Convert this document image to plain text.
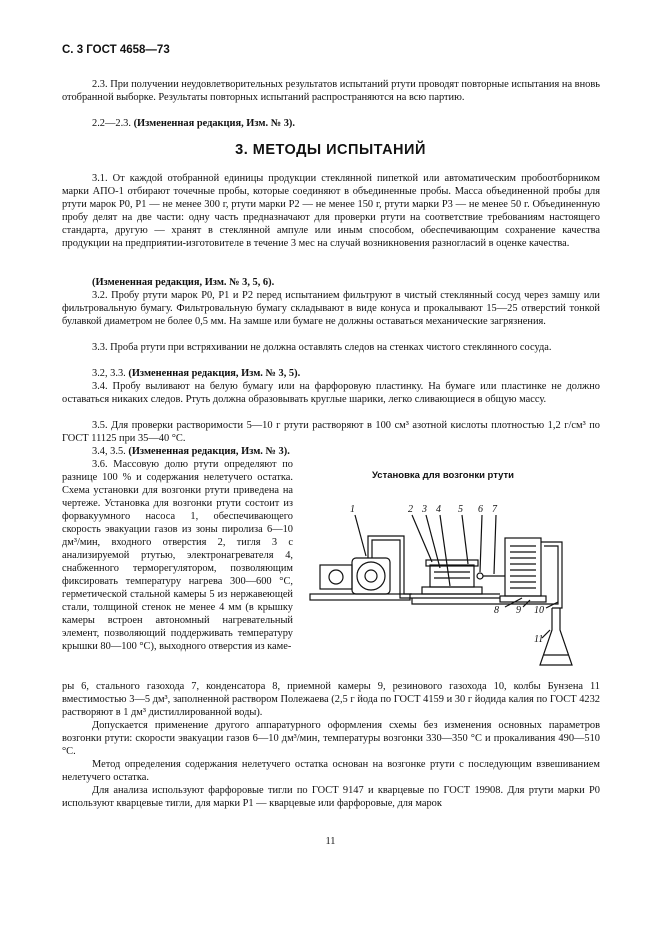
С. 3 ГОСТ 4658—73

2.3. При получении неудовлетворительных результатов испытаний ртути проводят повторные испытания на вновь отобранной выборке. Результаты повторных испытаний распространяются на всю партию.

2.2—2.3. (Измененная редакция, Изм. № 3).

3. МЕТОДЫ ИСПЫТАНИЙ

3.1. От каждой отобранной единицы продукции стеклянной пипеткой или автоматическим пробоотборником марки АПО-1 отбирают точечные пробы, которые соединяют в объединенные пробы. Масса объединенной пробы для ртути марок Р0, Р1 — не менее 300 г, ртути марки Р2 — не менее 150 г, ртути марки Р3 — не менее 50 г. Объединенную пробу делят на две части: одну часть предназначают для проверки ртути на соответствие требованиям настоящего стандарта, другую — хранят в стеклянной ампуле или иным способом, обеспечивающим сохранение качества продукции на предприятии-изготовителе в течение 3 мес на случай возникновения разногласий в оценке качества.

(Измененная редакция, Изм. № 3, 5, 6).

3.2. Пробу ртути марок Р0, Р1 и Р2 перед испытанием фильтруют в чистый стеклянный сосуд через замшу или фильтровальную бумагу. Фильтровальную бумагу складывают в виде конуса и прокалывают 15—25 отверстий тонкой булавкой диаметром не более 0,5 мм. На замше или бумаге не должны оставаться механические загрязнения.

3.3. Проба ртути при встряхивании не должна оставлять следов на стенках чистого стеклянного сосуда.

3.2, 3.3. (Измененная редакция, Изм. № 3, 5).

3.4. Пробу выливают на белую бумагу или на фарфоровую пластинку. На бумаге или пластинке не должно оставаться никаких следов. Ртуть должна образовывать круглые шарики, легко сливающиеся в общую массу.

3.5. Для проверки растворимости 5—10 г ртути растворяют в 100 см³ азотной кислоты плотностью 1,2 г/см³ по ГОСТ 11125 при 35—40 °С.

3.4, 3.5. (Измененная редакция, Изм. № 3).

3.6. Массовую долю ртути определяют по разнице 100 % и содержания нелетучего остатка. Схема установки для возгонки ртути приведена на чертеже. Установка для возгонки ртути состоит из форвакуумного насоса 1, обеспечивающего скорость эвакуации газов из зоны пиролиза 6—10 дм³/мин, входного отверстия 2, тигля 3 с анализируемой ртутью, электронагревателя 4, снабженного терморегулятором, позволяющим фиксировать температуру нагрева 300—600 °С, герметической стальной камеры 5 из нержавеющей стали, толщиной стенок не менее 4 мм (в крышку камеры встроен автономный нагревательный элемент, позволяющий поддерживать температуру крышки 80—100 °С), выходного отверстия из каме-

Установка для возгонки ртути
1	2 3 4 5 6 7
8 9 10
11

ры 6, стального газохода 7, конденсатора 8, приемной камеры 9, резинового газохода 10, колбы Бунзена 11 вместимостью 3—5 дм³, заполненной раствором Полежаева (2,5 г йода по ГОСТ 4159 и 30 г йодида калия по ГОСТ 4232 растворяют в 1 дм³ дистиллированной воды).

Допускается применение другого аппаратурного оформления схемы без изменения основных параметров возгонки ртути: скорости эвакуации газов 6—10 дм³/мин, температуры возгонки 330—350 °С и прокаливания 490—510 °С.

Метод определения содержания нелетучего остатка основан на возгонке ртути с последующим взвешиванием нелетучего остатка.

Для анализа используют фарфоровые тигли по ГОСТ 9147 и кварцевые по ГОСТ 19908. Для ртути марки Р0 используют кварцевые тигли, для марки Р1 — кварцевые или фарфоровые, для марок

11
